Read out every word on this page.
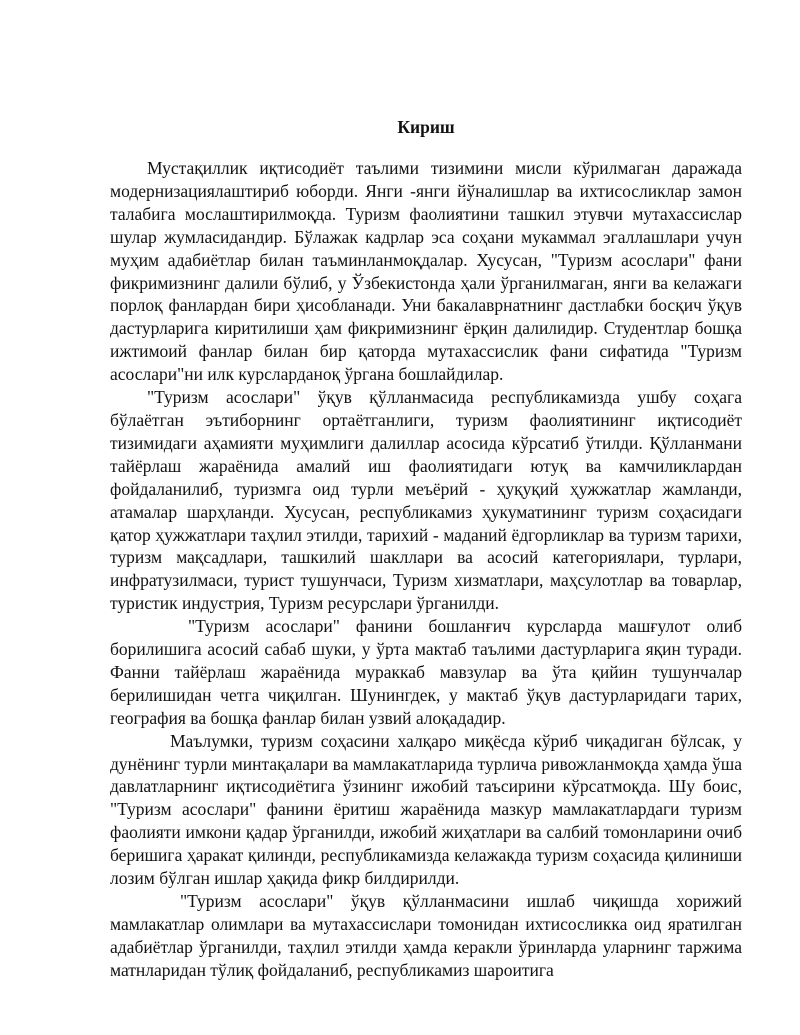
Кириш

Мустақиллик иқтисодиёт таълими тизимини мисли кўрилмаган даражада модернизацияла​штириб юборди. Янги -янги йўналишлар ва ихтисосликлар замон талабига мослаштирилмоқда. Туризм фаолиятини ташкил этувчи мутахассислар шулар жумласидандир. Бўлажак кадрлар эса соҳани мукаммал эгаллашлари учун муҳим адабиётлар билан таъминланмоқдалар. Хусусан, "Туризм асослари" фани фикримизнинг далили бўлиб, у Ўзбекистонда ҳали ўрганилмаган, янги ва келажаги порлоқ фанлардан бири ҳисобланади. Уни бакалаврнатнинг дастлабки босқич ўқув дастурларига киритилиши ҳам фикримизнинг ёрқин далилидир. Студентлар бошқа ижтимоий фанлар билан бир қаторда мутахассислик фани сифатида "Туризм асослари"ни илк курсларданоқ ўргана бошлайдилар.

"Туризм асослари" ўқув қўлланмасида республикамизда ушбу соҳага бўлаётган эътиборнинг ортаётганлиги, туризм фаолиятининг иқтисодиёт тизимидаги аҳамияти муҳимлиги далиллар асосида кўрсатиб ўтилди. Қўлланмани тайёрлаш жараёнида амалий иш фаолиятидаги ютуқ ва камчиликлардан фойдаланилиб, туризмга оид турли меъёрий - ҳуқуқий ҳужжатлар жамланди, атамалар шарҳланди. Хусусан, республикамиз ҳукуматининг туризм соҳасидаги қатор ҳужжатлари таҳлил этилди, тарихий - маданий ёдгорликлар ва туризм тарихи, туризм мақсадлари, ташкилий шакллари ва асосий категориялари, турлари, инфратузилмаси, турист тушунчаси, Туризм хизматлари, маҳсулотлар ва товарлар, туристик индустрия, Туризм ресурслари ўрганилди.

"Туризм асослари" фанини бошланғич курсларда машғулот олиб борилишига асосий сабаб шуки, у ўрта мактаб таълими дастурларига яқин туради. Фанни тайёрлаш жараёнида мураккаб мавзулар ва ўта қийин тушунчалар берилишидан четга чиқилган. Шунингдек, у мактаб ўқув дастурларидаги тарих, география ва бошқа фанлар билан узвий алоқададир.

Маълумки, туризм соҳасини халқаро миқёсда кўриб чиқадиган бўлсак, у дунёнинг турли минтақалари ва мамлакатларида турлича ривожланмоқда ҳамда ўша давлатларнинг иқтисодиётига ўзининг ижобий таъсирини кўрсатмоқда. Шу боис, "Туризм асослари" фанини ёритиш жараёнида мазкур мамлакатлардаги туризм фаолияти имкони қадар ўрганилди, ижобий жиҳатлари ва салбий томонларини очиб беришига ҳаракат қилинди, республикамизда келажакда туризм соҳасида қилиниши лозим бўлган ишлар ҳақида фикр билдирилди.

"Туризм асослари" ўқув қўлланмасини ишлаб чиқишда хорижий мамлакатлар олимлари ва мутахассислари томонидан ихтисосликка оид яратилган адабиётлар ўрганилди, таҳлил этилди ҳамда керакли ўринларда уларнинг таржима матнларидан тўлиқ фойдаланиб, республикамиз шароитига
